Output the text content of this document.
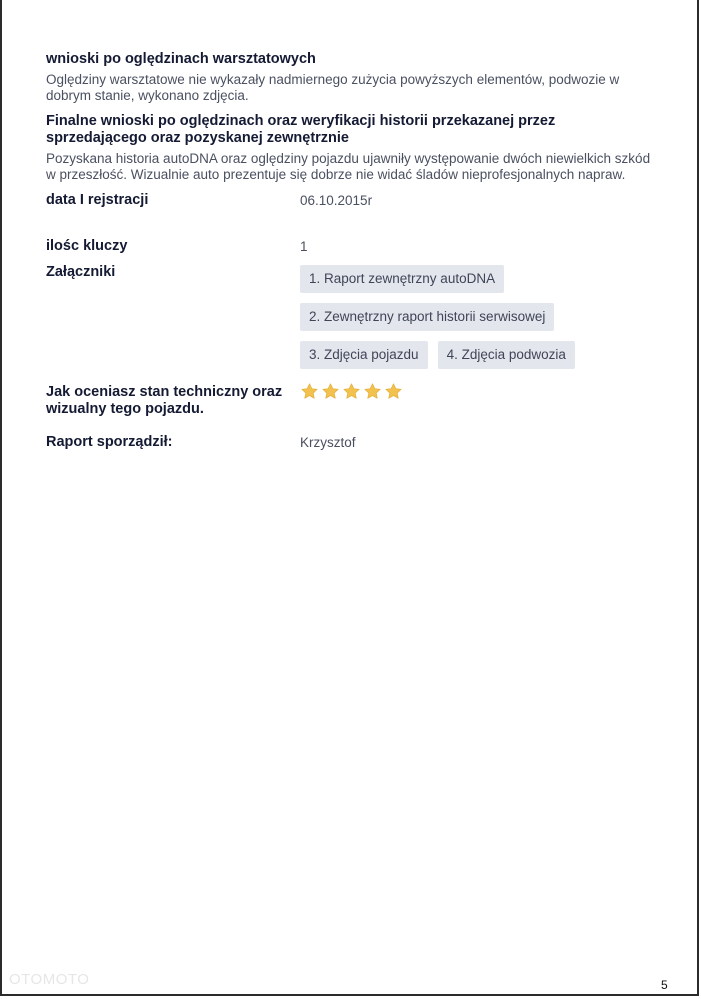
wnioski po oględzinach warsztatowych

Oględziny warsztatowe nie wykazały nadmiernego zużycia powyższych elementów, podwozie w dobrym stanie, wykonano zdjęcia.

Finalne wnioski po oględzinach oraz weryfikacji historii przekazanej przez sprzedającego oraz pozyskanej zewnętrznie

Pozyskana historia autoDNA oraz oględziny pojazdu ujawniły występowanie dwóch niewielkich szkód w przeszłość. Wizualnie auto prezentuje się dobrze nie widać śladów nieprofesjonalnych napraw.

data I rejstracji	06.10.2015r
ilośc kluczy	1
Załączniki	1. Raport zewnętrzny autoDNA
2. Zewnętrzny raport historii serwisowej
3. Zdjęcia pojazdu	4. Zdjęcia podwozia
Jak oceniasz stan techniczny oraz wizualny tego pojazdu.
Raport sporządził:	Krzysztof
OTOMOTO	5
